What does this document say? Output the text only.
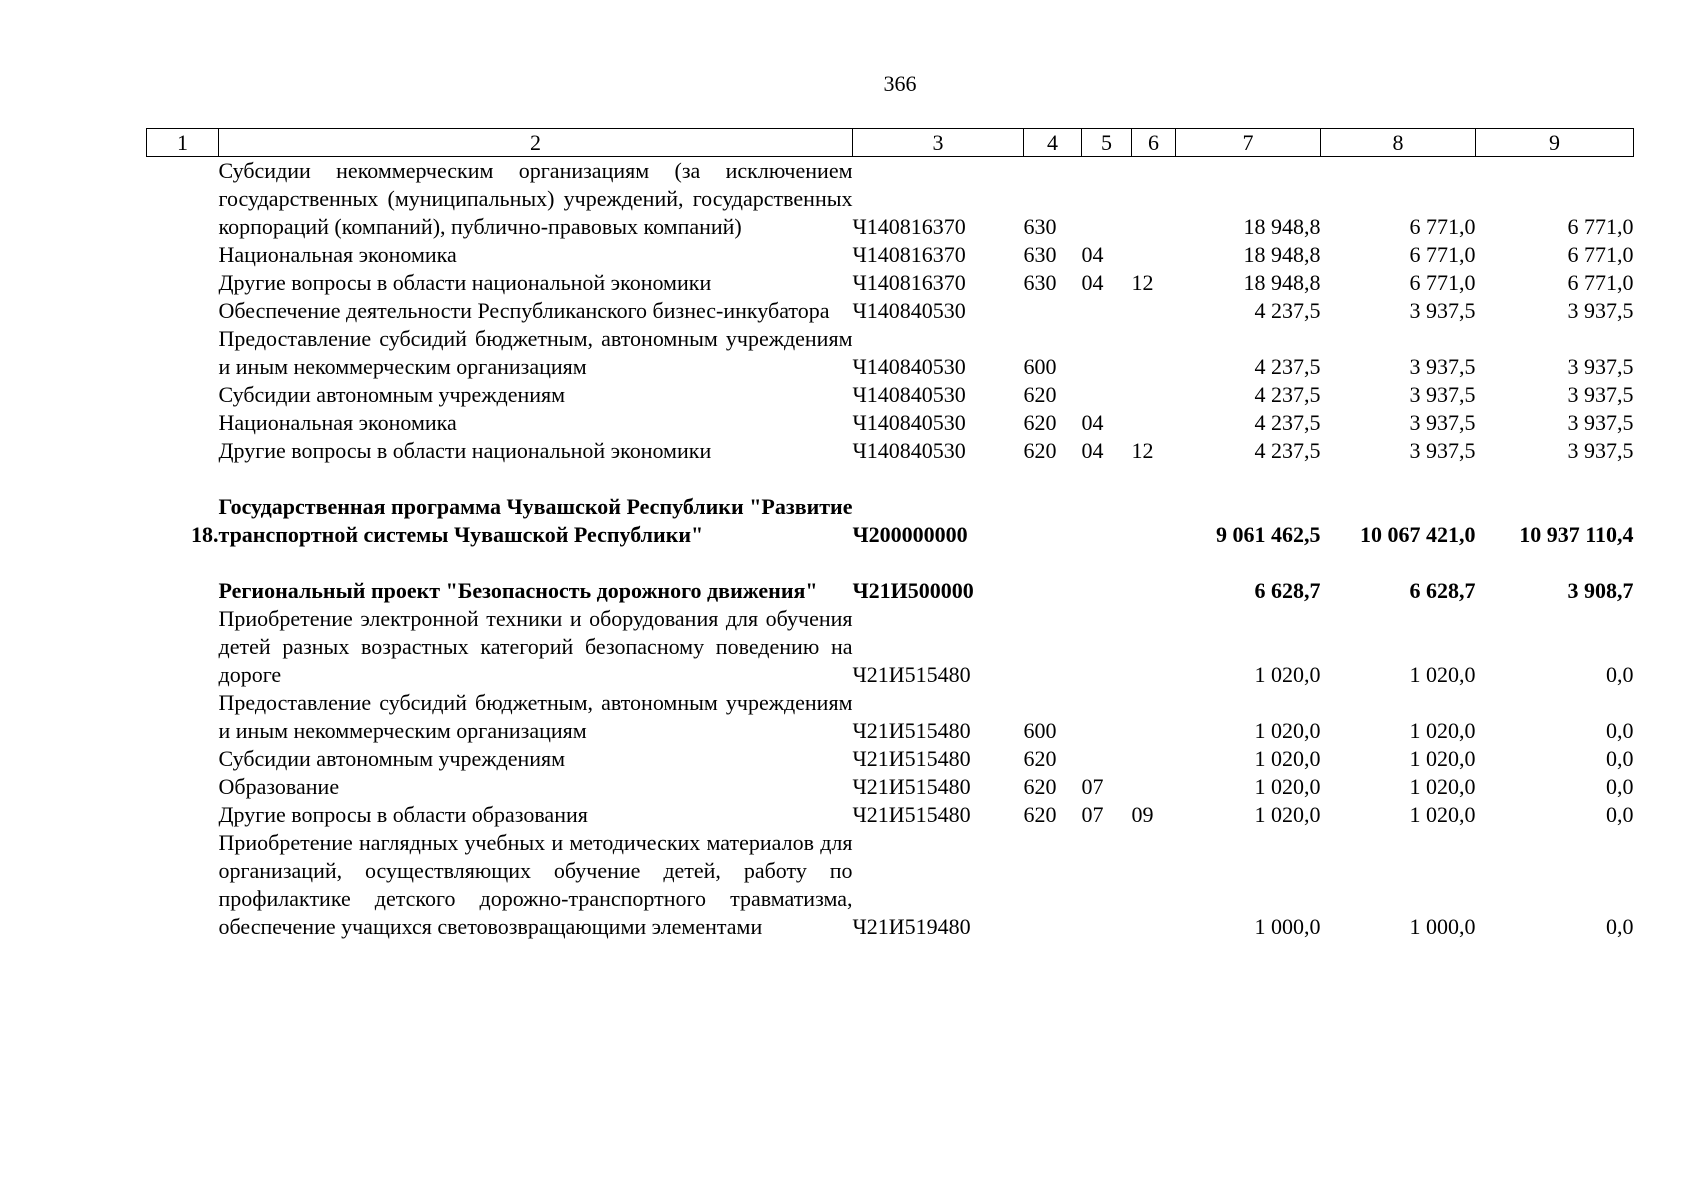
366
1	2	3	4	5	6	7	8	9
	Субсидии некоммерческим организациям (за исключением государственных (муниципальных) учреждений, государственных корпораций (компаний), публично-правовых компаний)	Ч140816370	630			18 948,8	6 771,0	6 771,0
	Национальная экономика	Ч140816370	630	04		18 948,8	6 771,0	6 771,0
	Другие вопросы в области национальной экономики	Ч140816370	630	04	12	18 948,8	6 771,0	6 771,0
	Обеспечение деятельности Республиканского бизнес-инкубатора	Ч140840530				4 237,5	3 937,5	3 937,5
	Предоставление субсидий бюджетным, автономным учреждениям и иным некоммерческим организациям	Ч140840530	600			4 237,5	3 937,5	3 937,5
	Субсидии автономным учреждениям	Ч140840530	620			4 237,5	3 937,5	3 937,5
	Национальная экономика	Ч140840530	620	04		4 237,5	3 937,5	3 937,5
	Другие вопросы в области национальной экономики	Ч140840530	620	04	12	4 237,5	3 937,5	3 937,5

18.	Государственная программа Чувашской Республики "Развитие транспортной системы Чувашской Республики"	Ч200000000				9 061 462,5	10 067 421,0	10 937 110,4

	Региональный проект "Безопасность дорожного движения"	Ч21И500000				6 628,7	6 628,7	3 908,7
	Приобретение электронной техники и оборудования для обучения детей разных возрастных категорий безопасному поведению на дороге	Ч21И515480				1 020,0	1 020,0	0,0
	Предоставление субсидий бюджетным, автономным учреждениям и иным некоммерческим организациям	Ч21И515480	600			1 020,0	1 020,0	0,0
	Субсидии автономным учреждениям	Ч21И515480	620			1 020,0	1 020,0	0,0
	Образование	Ч21И515480	620	07		1 020,0	1 020,0	0,0
	Другие вопросы в области образования	Ч21И515480	620	07	09	1 020,0	1 020,0	0,0
	Приобретение наглядных учебных и методических материалов для организаций, осуществляющих обучение детей, работу по профилактике детского дорожно-транспортного травматизма, обеспечение учащихся световозвращающими элементами	Ч21И519480				1 000,0	1 000,0	0,0
